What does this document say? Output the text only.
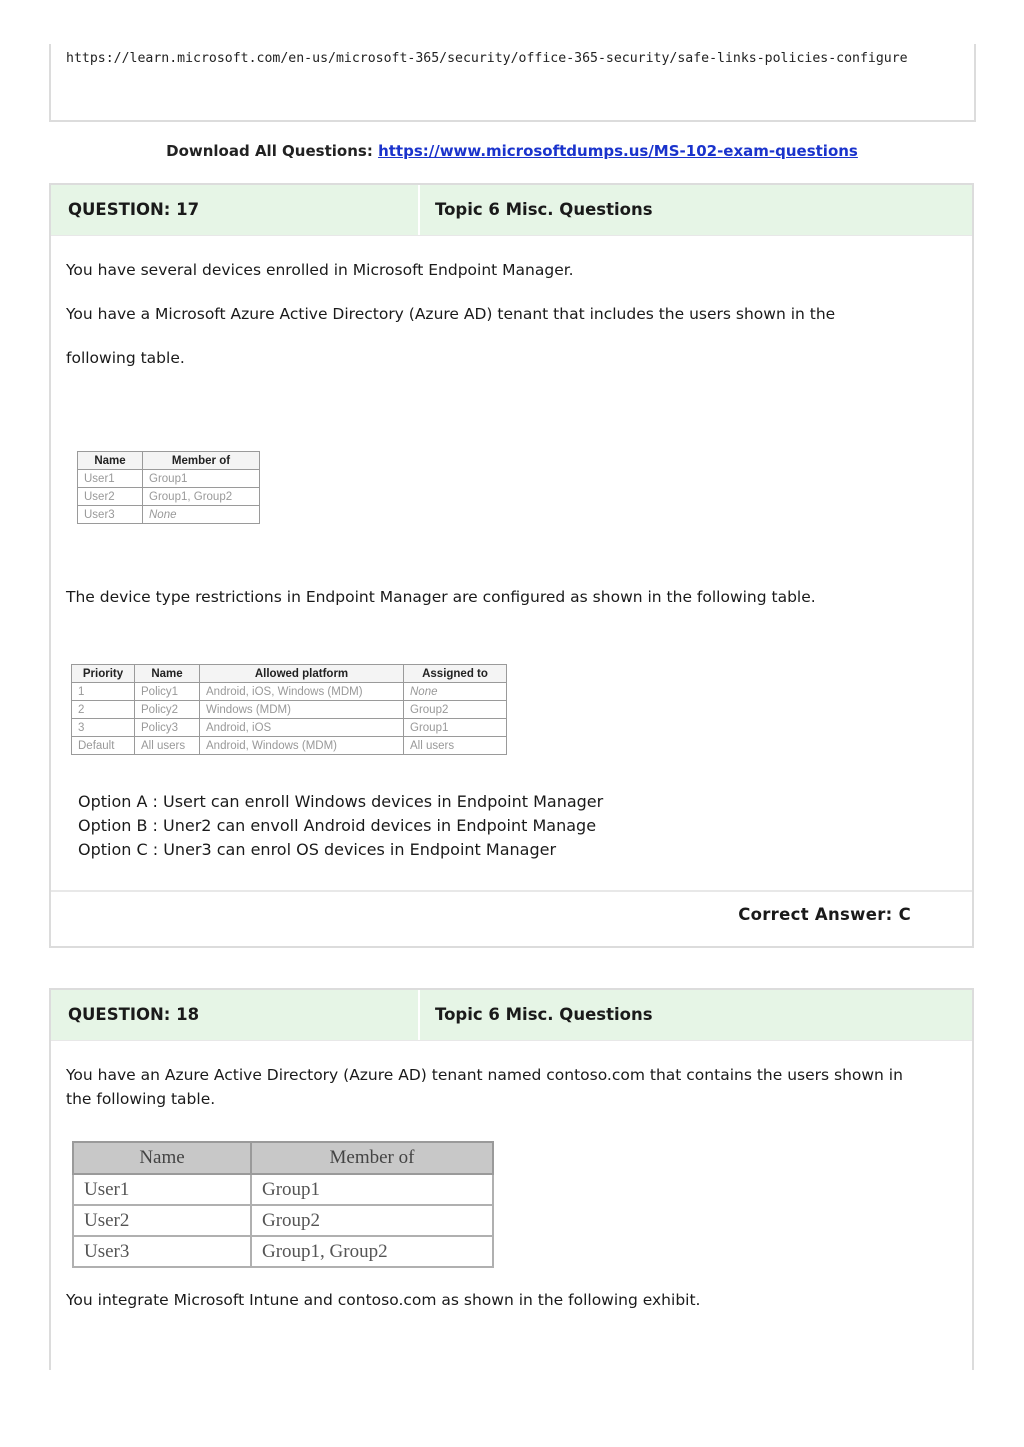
https://learn.microsoft.com/en-us/microsoft-365/security/office-365-security/safe-links-policies-configure
Download All Questions: https://www.microsoftdumps.us/MS-102-exam-questions
QUESTION: 17	Topic 6 Misc. Questions
You have several devices enrolled in Microsoft Endpoint Manager.
You have a Microsoft Azure Active Directory (Azure AD) tenant that includes the users shown in the
following table.
Name	Member of
User1	Group1
User2	Group1, Group2
User3	None
The device type restrictions in Endpoint Manager are configured as shown in the following table.
Priority	Name	Allowed platform	Assigned to
1	Policy1	Android, iOS, Windows (MDM)	None
2	Policy2	Windows (MDM)	Group2
3	Policy3	Android, iOS	Group1
Default	All users	Android, Windows (MDM)	All users
Option A : Usert can enroll Windows devices in Endpoint Manager
Option B : Uner2 can envoll Android devices in Endpoint Manage
Option C : Uner3 can enrol OS devices in Endpoint Manager
Correct Answer: C
QUESTION: 18	Topic 6 Misc. Questions
You have an Azure Active Directory (Azure AD) tenant named contoso.com that contains the users shown in
the following table.
Name	Member of
User1	Group1
User2	Group2
User3	Group1, Group2
You integrate Microsoft Intune and contoso.com as shown in the following exhibit.
